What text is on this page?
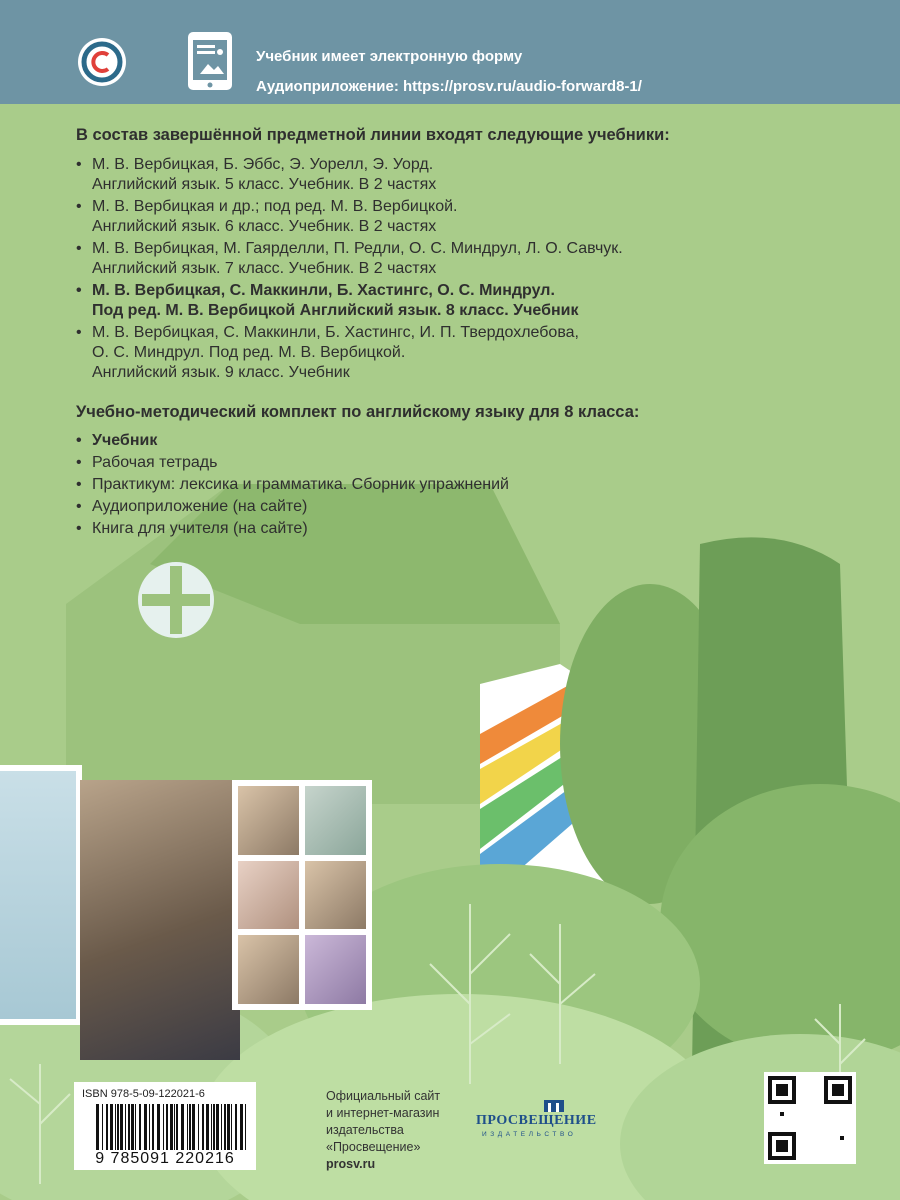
Учебник имеет электронную форму
Аудиоприложение: https://prosv.ru/audio-forward8-1/
В состав завершённой предметной линии входят следующие учебники:
• М. В. Вербицкая, Б. Эббс, Э. Уорелл, Э. Уорд.
Английский язык. 5 класс. Учебник. В 2 частях
• М. В. Вербицкая и др.; под ред. М. В. Вербицкой.
Английский язык. 6 класс. Учебник. В 2 частях
• М. В. Вербицкая, М. Гаярделли, П. Редли, О. С. Миндрул, Л. О. Савчук.
Английский язык. 7 класс. Учебник. В 2 частях
• М. В. Вербицкая, С. Маккинли, Б. Хастингс, О. С. Миндрул.
Под ред. М. В. Вербицкой Английский язык. 8 класс. Учебник
• М. В. Вербицкая, С. Маккинли, Б. Хастингс, И. П. Твердохлебова,
О. С. Миндрул. Под ред. М. В. Вербицкой.
Английский язык. 9 класс. Учебник
Учебно-методический комплект по английскому языку для 8 класса:
• Учебник
• Рабочая тетрадь
• Практикум: лексика и грамматика. Сборник упражнений
• Аудиоприложение (на сайте)
• Книга для учителя (на сайте)
ISBN 978-5-09-122021-6
9 785091 220216
Официальный сайт
и интернет-магазин
издательства
«Просвещение»
prosv.ru
ПРОСВЕЩЕНИЕ
ИЗДАТЕЛЬСТВО
